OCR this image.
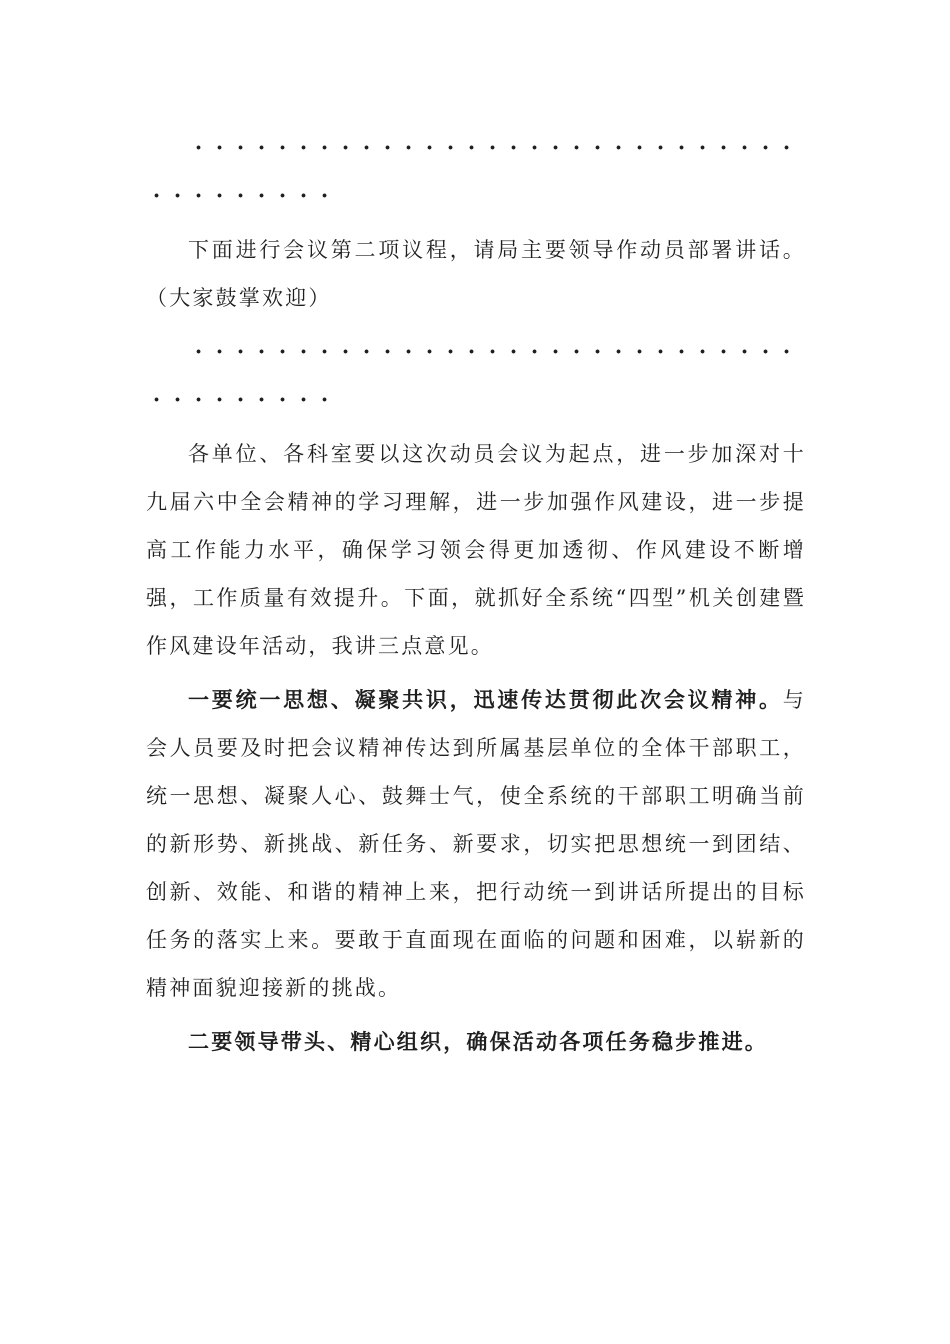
· · · · · · · · · · · · · · · · · · · · · · · · · · · · ·· · · · · · · · ·

下面进行会议第二项议程，请局主要领导作动员部署讲话。（大家鼓掌欢迎）

· · · · · · · · · · · · · · · · · · · · · · · · · · · · ·· · · · · · · · ·

各单位、各科室要以这次动员会议为起点，进一步加深对十九届六中全会精神的学习理解，进一步加强作风建设，进一步提高工作能力水平，确保学习领会得更加透彻、作风建设不断增强，工作质量有效提升。下面，就抓好全系统“四型”机关创建暨作风建设年活动，我讲三点意见。

一要统一思想、凝聚共识，迅速传达贯彻此次会议精神。与会人员要及时把会议精神传达到所属基层单位的全体干部职工，统一思想、凝聚人心、鼓舞士气，使全系统的干部职工明确当前的新形势、新挑战、新任务、新要求，切实把思想统一到团结、创新、效能、和谐的精神上来，把行动统一到讲话所提出的目标任务的落实上来。要敢于直面现在面临的问题和困难，以崭新的精神面貌迎接新的挑战。

二要领导带头、精心组织，确保活动各项任务稳步推进。
